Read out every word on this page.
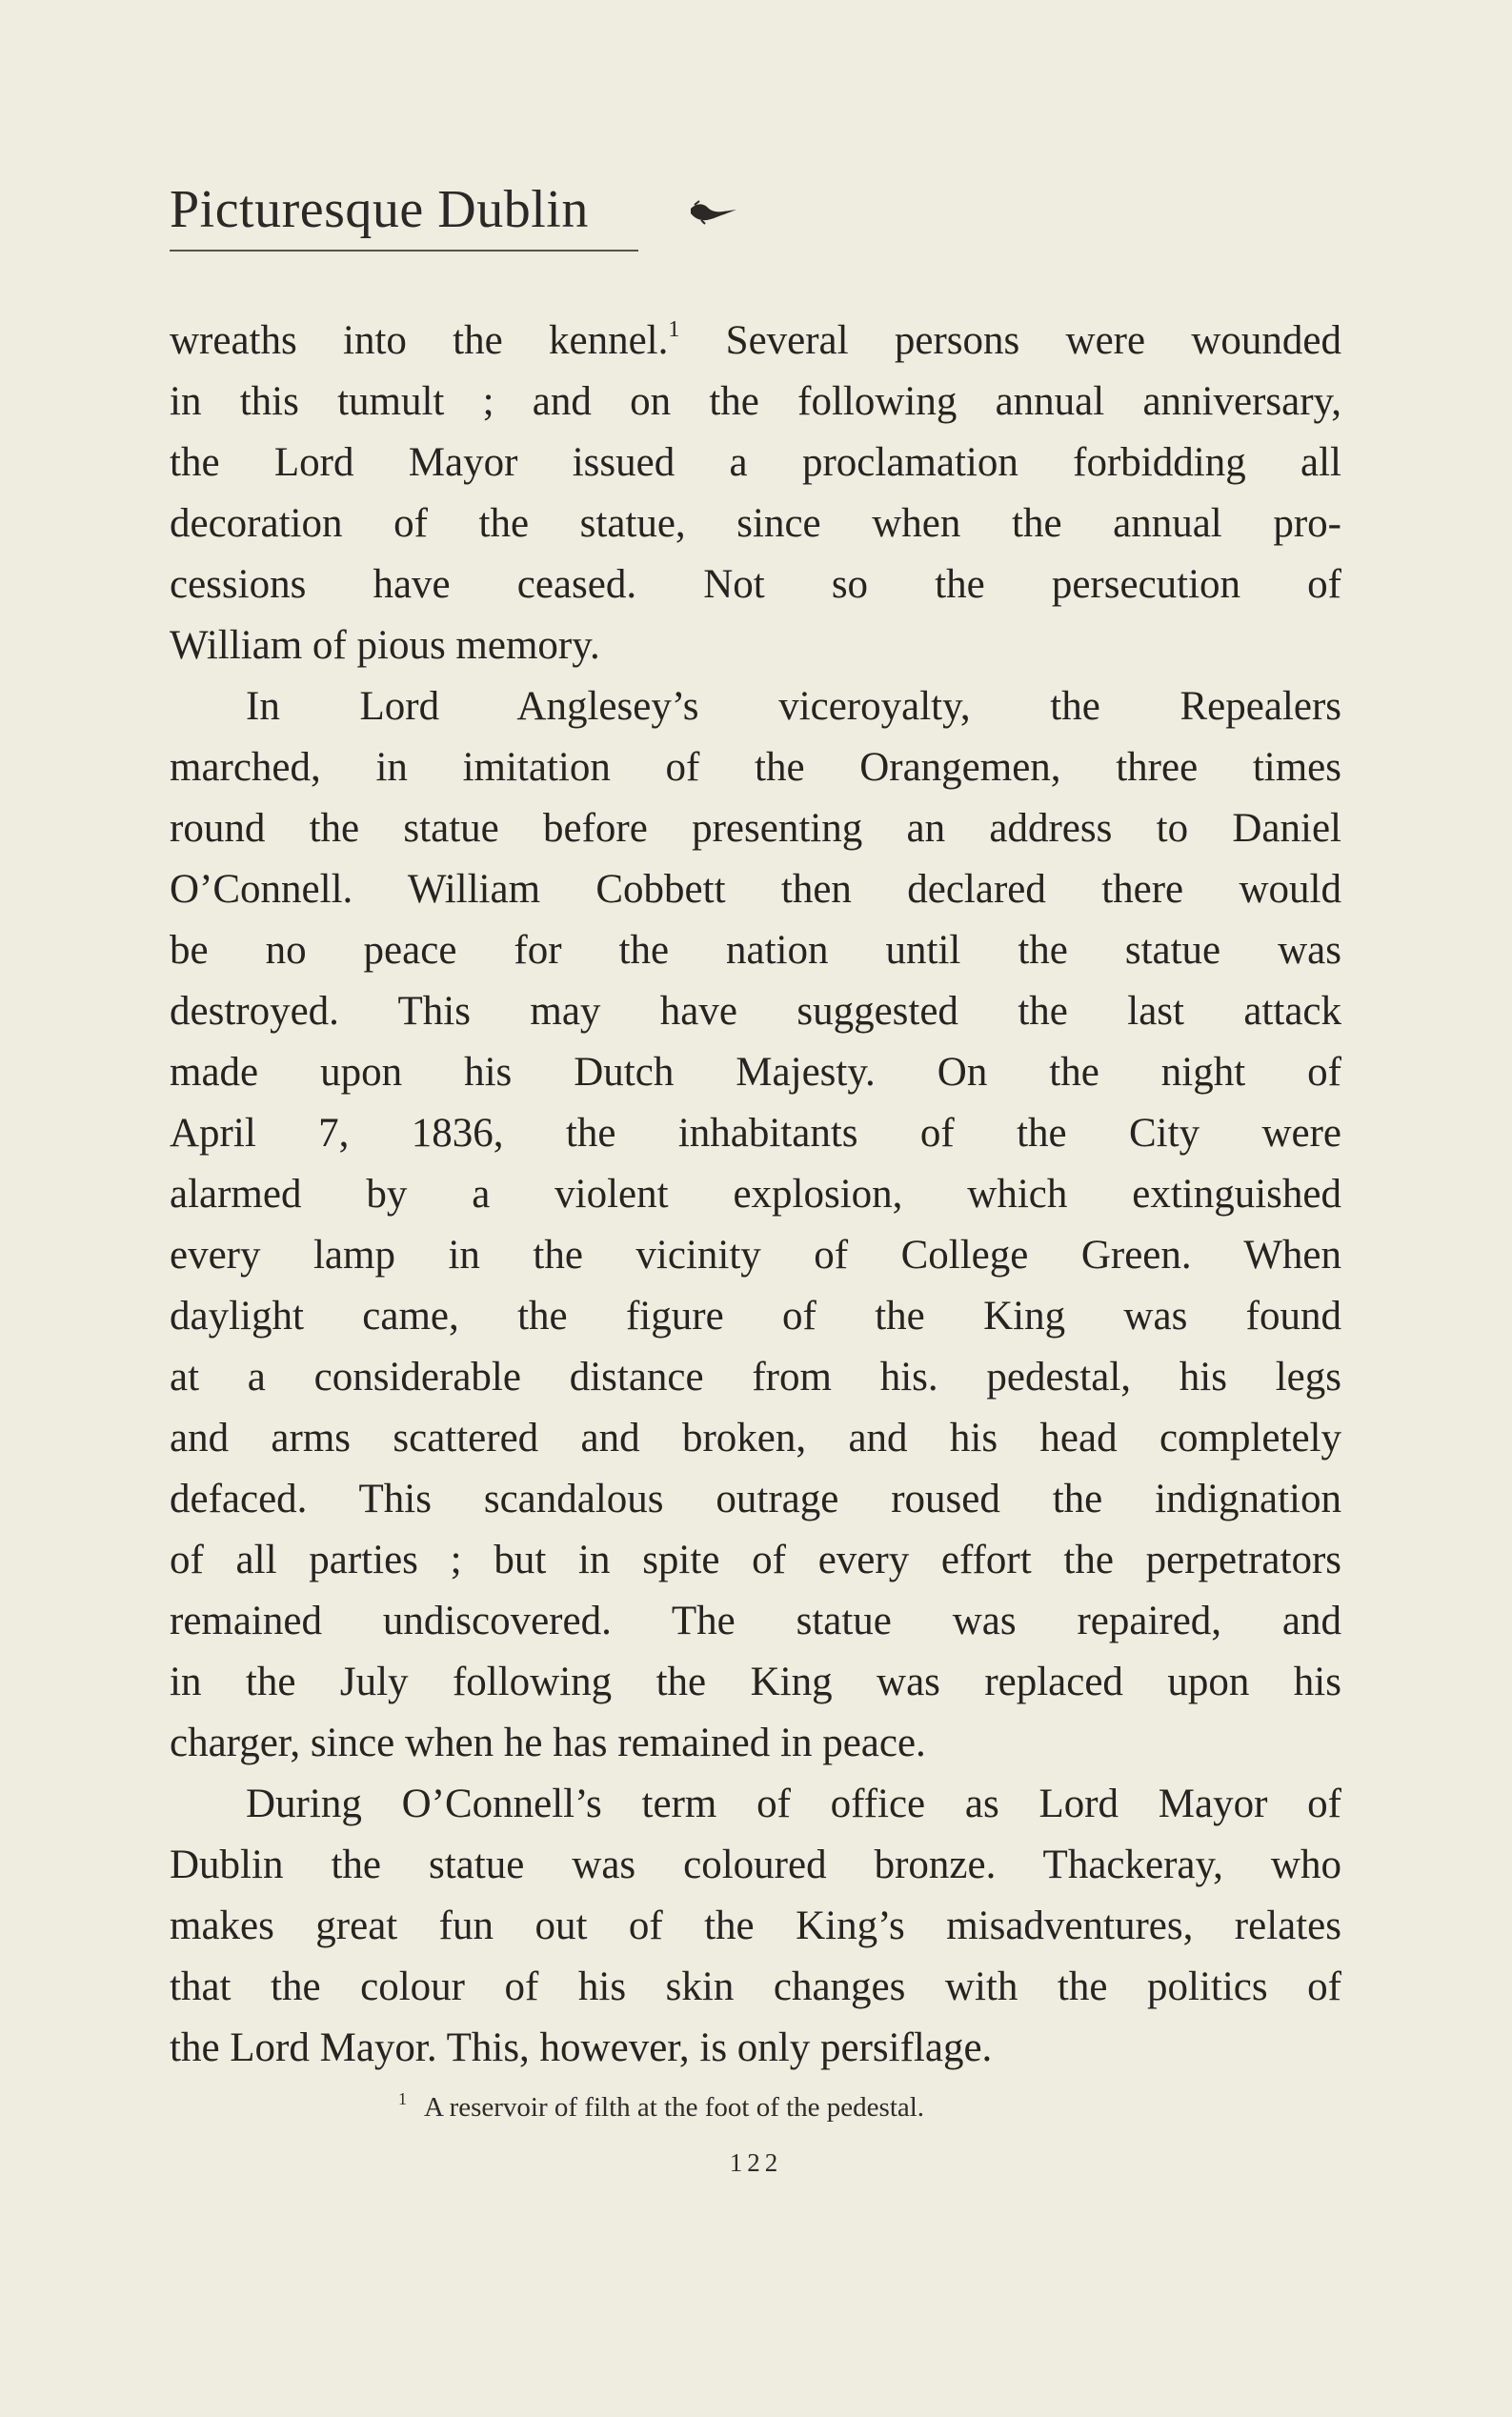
Picturesque Dublin
wreaths into the kennel.$^1$ Several persons were wounded
in this tumult ; and on the following annual anniversary,
the Lord Mayor issued a proclamation forbidding all
decoration of the statue, since when the annual pro-
cessions have ceased. Not so the persecution of
William of pious memory.
In Lord Anglesey’s viceroyalty, the Repealers
marched, in imitation of the Orangemen, three times
round the statue before presenting an address to Daniel
O’Connell. William Cobbett then declared there would
be no peace for the nation until the statue was
destroyed. This may have suggested the last attack
made upon his Dutch Majesty. On the night of
April 7, 1836, the inhabitants of the City were
alarmed by a violent explosion, which extinguished
every lamp in the vicinity of College Green. When
daylight came, the figure of the King was found
at a considerable distance from his. pedestal, his legs
and arms scattered and broken, and his head completely
defaced. This scandalous outrage roused the indignation
of all parties ; but in spite of every effort the perpetrators
remained undiscovered. The statue was repaired, and
in the July following the King was replaced upon his
charger, since when he has remained in peace.
During O’Connell’s term of office as Lord Mayor of
Dublin the statue was coloured bronze. Thackeray, who
makes great fun out of the King’s misadventures, relates
that the colour of his skin changes with the politics of
the Lord Mayor. This, however, is only persiflage.
$^1$ A reservoir of filth at the foot of the pedestal.
122
